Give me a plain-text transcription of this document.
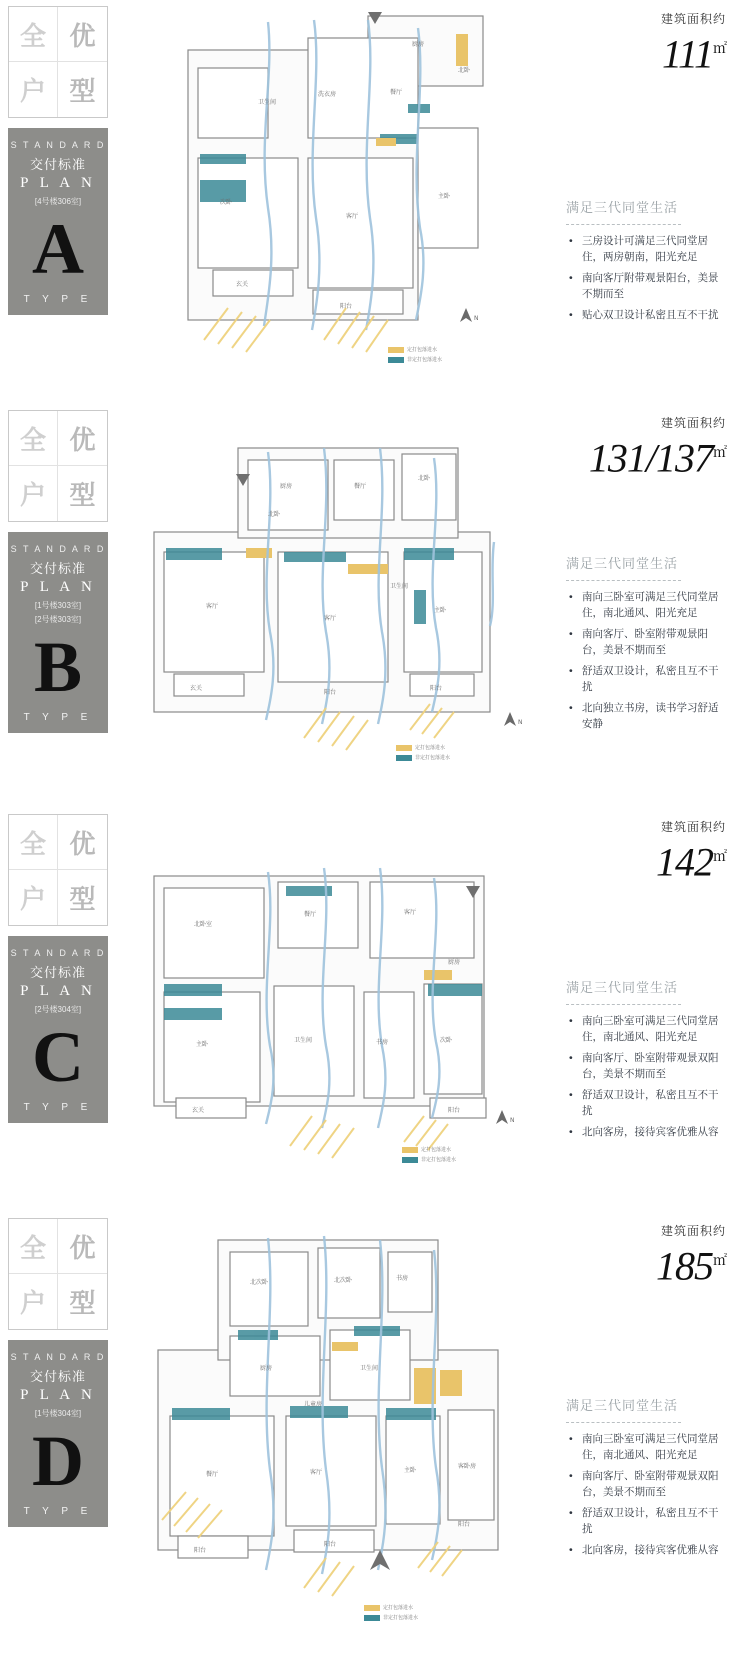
全 优
户 型
S T A N D A R D
交付标准
P L A N
[4号楼306室]
A
T Y P E
厨房
北卧
餐厅
洗衣房
卫生间
次卧
客厅
主卧
玄关
阳台
N
定打包落进水
非定打包落进水
建筑面积约
111㎡
满足三代同堂生活
• 三房设计可满足三代同堂居住，两房朝南，阳光充足
• 南向客厅附带观景阳台，美景不期而至
• 贴心双卫设计私密且互不干扰
全 优
户 型
S T A N D A R D
交付标准
P L A N
[1号楼303室]
[2号楼303室]
B
T Y P E
厨房	餐厅
北卧
北卧
客厅
客厅
主卧
玄关
阳台
阳台
卫生间
N
定打包落进水
非定打包落进水
建筑面积约
131/137㎡
满足三代同堂生活
• 南向三卧室可满足三代同堂居住，南北通风、阳光充足
• 南向客厅、卧室附带观景阳台，美景不期而至
• 舒适双卫设计，私密且互不干扰
• 北向独立书房，读书学习舒适安静
全 优
户 型
S T A N D A R D
交付标准
P L A N
[2号楼304室]
C
T Y P E
北卧室
餐厅	客厅
主卧
卫生间	书房	次卧
玄关	阳台
厨房
N
定打包落进水
非定打包落进水
建筑面积约
142㎡
满足三代同堂生活
• 南向三卧室可满足三代同堂居住，南北通风、阳光充足
• 南向客厅、卧室附带观景双阳台，美景不期而至
• 舒适双卫设计，私密且互不干扰
• 北向客房，接待宾客优雅从容
全 优
户 型
S T A N D A R D
交付标准
P L A N
[1号楼304室]
D
T Y P E
北次卧	北次卧	书房
厨房	卫生间
餐厅	客厅	主卧
客卧房
阳台
阳台
阳台
儿童房
定打包落进水
非定打包落进水
建筑面积约
185㎡
满足三代同堂生活
• 南向三卧室可满足三代同堂居住，南北通风、阳光充足
• 南向客厅、卧室附带观景双阳台，美景不期而至
• 舒适双卫设计，私密且互不干扰
• 北向客房，接待宾客优雅从容
